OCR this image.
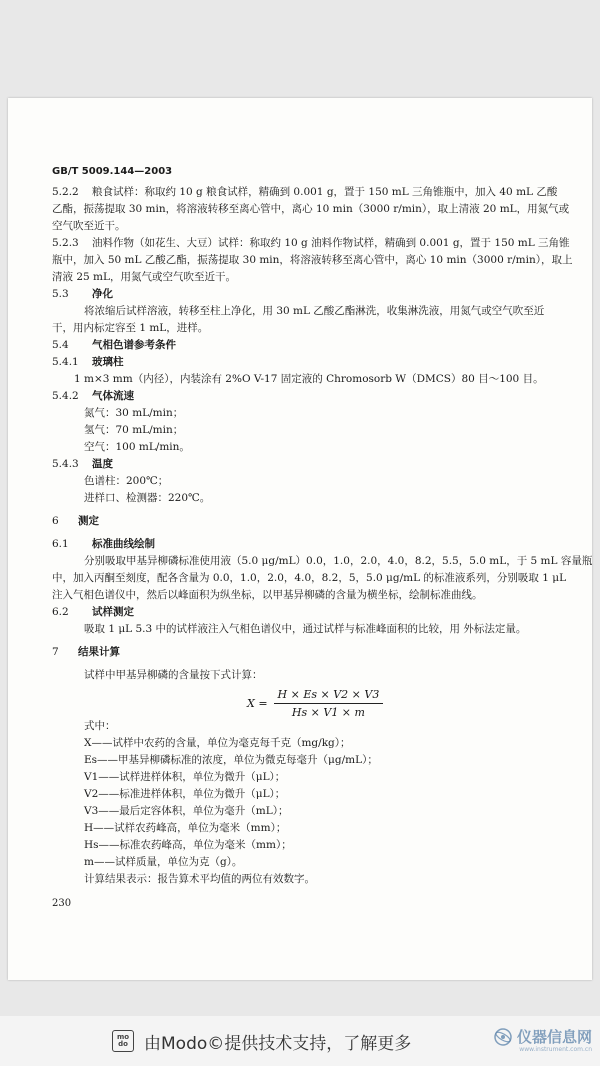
GB/T 5009.144—2003
5.2.2 粮食试样：称取约 10 g 粮食试样，精确到 0.001 g，置于 150 mL 三角锥瓶中，加入 40 mL 乙酸
乙酯，振荡提取 30 min，将溶液转移至离心管中，离心 10 min（3000 r/min），取上清液 20 mL，用氮气或
空气吹至近干。
5.2.3 油料作物（如花生、大豆）试样：称取约 10 g 油料作物试样，精确到 0.001 g，置于 150 mL 三角锥
瓶中，加入 50 mL 乙酸乙酯，振荡提取 30 min，将溶液转移至离心管中，离心 10 min（3000 r/min），取上
清液 25 mL，用氮气或空气吹至近干。
5.3 净化
将浓缩后试样溶液，转移至柱上净化，用 30 mL 乙酸乙酯淋洗，收集淋洗液，用氮气或空气吹至近
干，用内标定容至 1 mL，进样。
5.4 气相色谱参考条件
5.4.1 玻璃柱
1 m×3 mm（内径），内装涂有 2%O V-17 固定液的 Chromosorb W（DMCS）80 目～100 目。
5.4.2 气体流速
氮气：30 mL/min；
氢气：70 mL/min；
空气：100 mL/min。
5.4.3 温度
色谱柱：200℃；
进样口、检测器：220℃。
6 测定
6.1 标准曲线绘制
分别吸取甲基异柳磷标准使用液（5.0 μg/mL）0.0，1.0，2.0，4.0，8.2，5.5，5.0 mL，于 5 mL 容量瓶
中，加入丙酮至刻度，配各含量为 0.0，1.0，2.0，4.0，8.2，5，5.0 μg/mL 的标准液系列，分别吸取 1 μL
注入气相色谱仪中，然后以峰面积为纵坐标，以甲基异柳磷的含量为横坐标，绘制标准曲线。
6.2 试样测定
吸取 1 μL 5.3 中的试样液注入气相色谱仪中，通过试样与标准峰面积的比较，用 外标法定量。
7 结果计算
试样中甲基异柳磷的含量按下式计算：
$X = \frac{H \times Es \times V2 \times V3}{Hs \times V1 \times m}$
式中：
X——试样中农药的含量，单位为毫克每千克（mg/kg）；
Es——甲基异柳磷标准的浓度，单位为微克每毫升（μg/mL）；
V1——试样进样体积，单位为微升（μL）；
V2——标准进样体积，单位为微升（μL）；
V3——最后定容体积，单位为毫升（mL）；
H——试样农药峰高，单位为毫米（mm）；
Hs——标准农药峰高，单位为毫米（mm）；
m——试样质量，单位为克（g）。
计算结果表示：报告算术平均值的两位有效数字。
230
mo
do 由Modo©提供技术支持，了解更多	仪器信息网
www.instrument.com.cn
